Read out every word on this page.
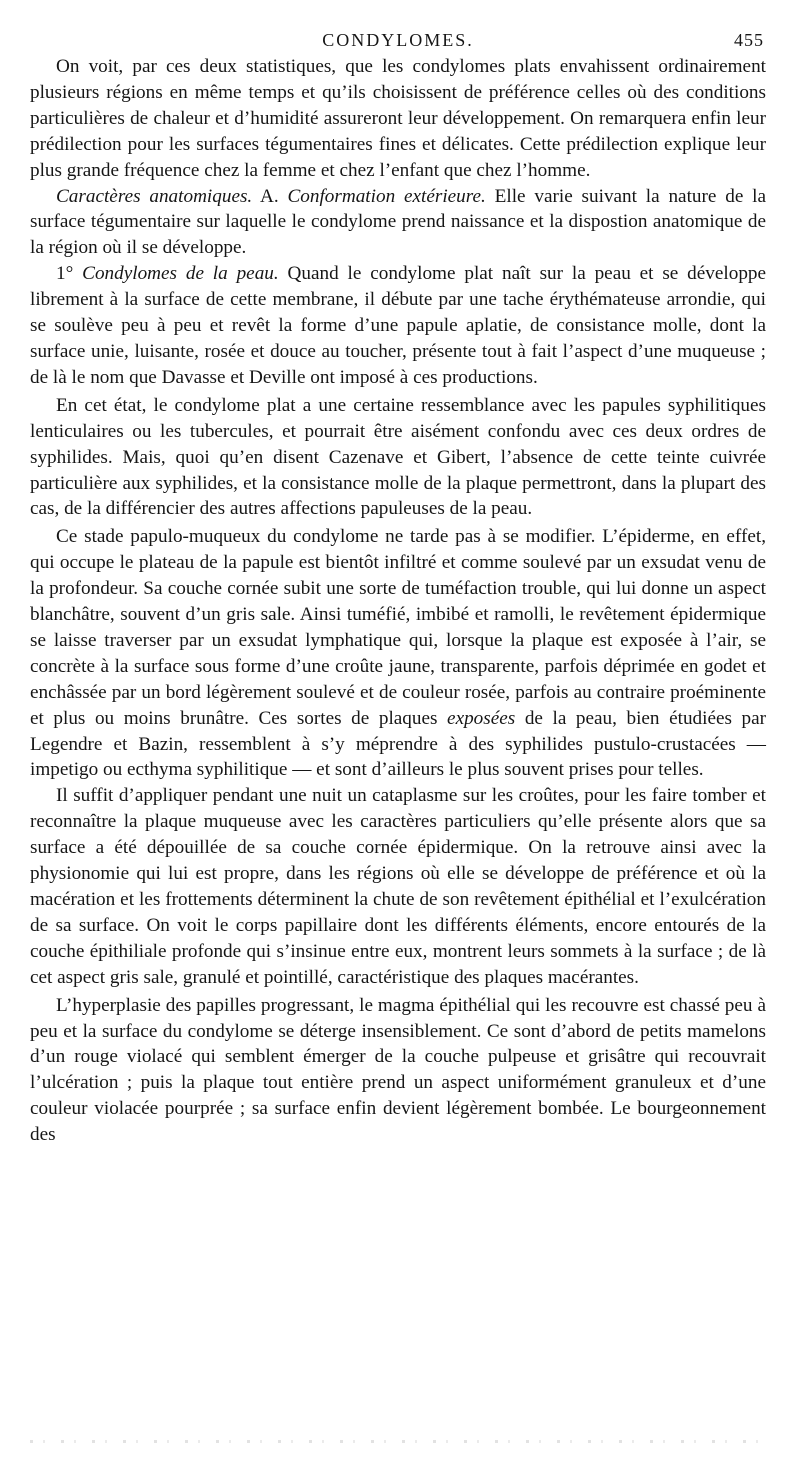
CONDYLOMES.	455

On voit, par ces deux statistiques, que les condylomes plats envahissent ordinairement plusieurs régions en même temps et qu’ils choisissent de préférence celles où des conditions particulières de chaleur et d’humidité assureront leur développement. On remarquera enfin leur prédilection pour les surfaces tégumentaires fines et délicates. Cette prédilection explique leur plus grande fréquence chez la femme et chez l’enfant que chez l’homme.

Caractères anatomiques. A. Conformation extérieure. Elle varie suivant la nature de la surface tégumentaire sur laquelle le condylome prend naissance et la dispostion anatomique de la région où il se développe.

1° Condylomes de la peau. Quand le condylome plat naît sur la peau et se développe librement à la surface de cette membrane, il débute par une tache érythémateuse arrondie, qui se soulève peu à peu et revêt la forme d’une papule aplatie, de consistance molle, dont la surface unie, luisante, rosée et douce au toucher, présente tout à fait l’aspect d’une muqueuse ; de là le nom que Davasse et Deville ont imposé à ces productions.

En cet état, le condylome plat a une certaine ressemblance avec les papules syphilitiques lenticulaires ou les tubercules, et pourrait être aisément confondu avec ces deux ordres de syphilides. Mais, quoi qu’en disent Cazenave et Gibert, l’absence de cette teinte cuivrée particulière aux syphilides, et la consistance molle de la plaque permettront, dans la plupart des cas, de la différencier des autres affections papuleuses de la peau.

Ce stade papulo-muqueux du condylome ne tarde pas à se modifier. L’épiderme, en effet, qui occupe le plateau de la papule est bientôt infiltré et comme soulevé par un exsudat venu de la profondeur. Sa couche cornée subit une sorte de tuméfaction trouble, qui lui donne un aspect blanchâtre, souvent d’un gris sale. Ainsi tuméfié, imbibé et ramolli, le revêtement épidermique se laisse traverser par un exsudat lymphatique qui, lorsque la plaque est exposée à l’air, se concrète à la surface sous forme d’une croûte jaune, transparente, parfois déprimée en godet et enchâssée par un bord légèrement soulevé et de couleur rosée, parfois au contraire proéminente et plus ou moins brunâtre. Ces sortes de plaques exposées de la peau, bien étudiées par Legendre et Bazin, ressemblent à s’y méprendre à des syphilides pustulo-crustacées — impetigo ou ecthyma syphilitique — et sont d’ailleurs le plus souvent prises pour telles.

Il suffit d’appliquer pendant une nuit un cataplasme sur les croûtes, pour les faire tomber et reconnaître la plaque muqueuse avec les caractères particuliers qu’elle présente alors que sa surface a été dépouillée de sa couche cornée épidermique. On la retrouve ainsi avec la physionomie qui lui est propre, dans les régions où elle se développe de préférence et où la macération et les frottements déterminent la chute de son revêtement épithélial et l’exulcération de sa surface. On voit le corps papillaire dont les différents éléments, encore entourés de la couche épithiliale profonde qui s’insinue entre eux, montrent leurs sommets à la surface ; de là cet aspect gris sale, granulé et pointillé, caractéristique des plaques macérantes.

L’hyperplasie des papilles progressant, le magma épithélial qui les recouvre est chassé peu à peu et la surface du condylome se déterge insensiblement. Ce sont d’abord de petits mamelons d’un rouge violacé qui semblent émerger de la couche pulpeuse et grisâtre qui recouvrait l’ulcération ; puis la plaque tout entière prend un aspect uniformément granuleux et d’une couleur violacée pourprée ; sa surface enfin devient légèrement bombée. Le bourgeonnement des
